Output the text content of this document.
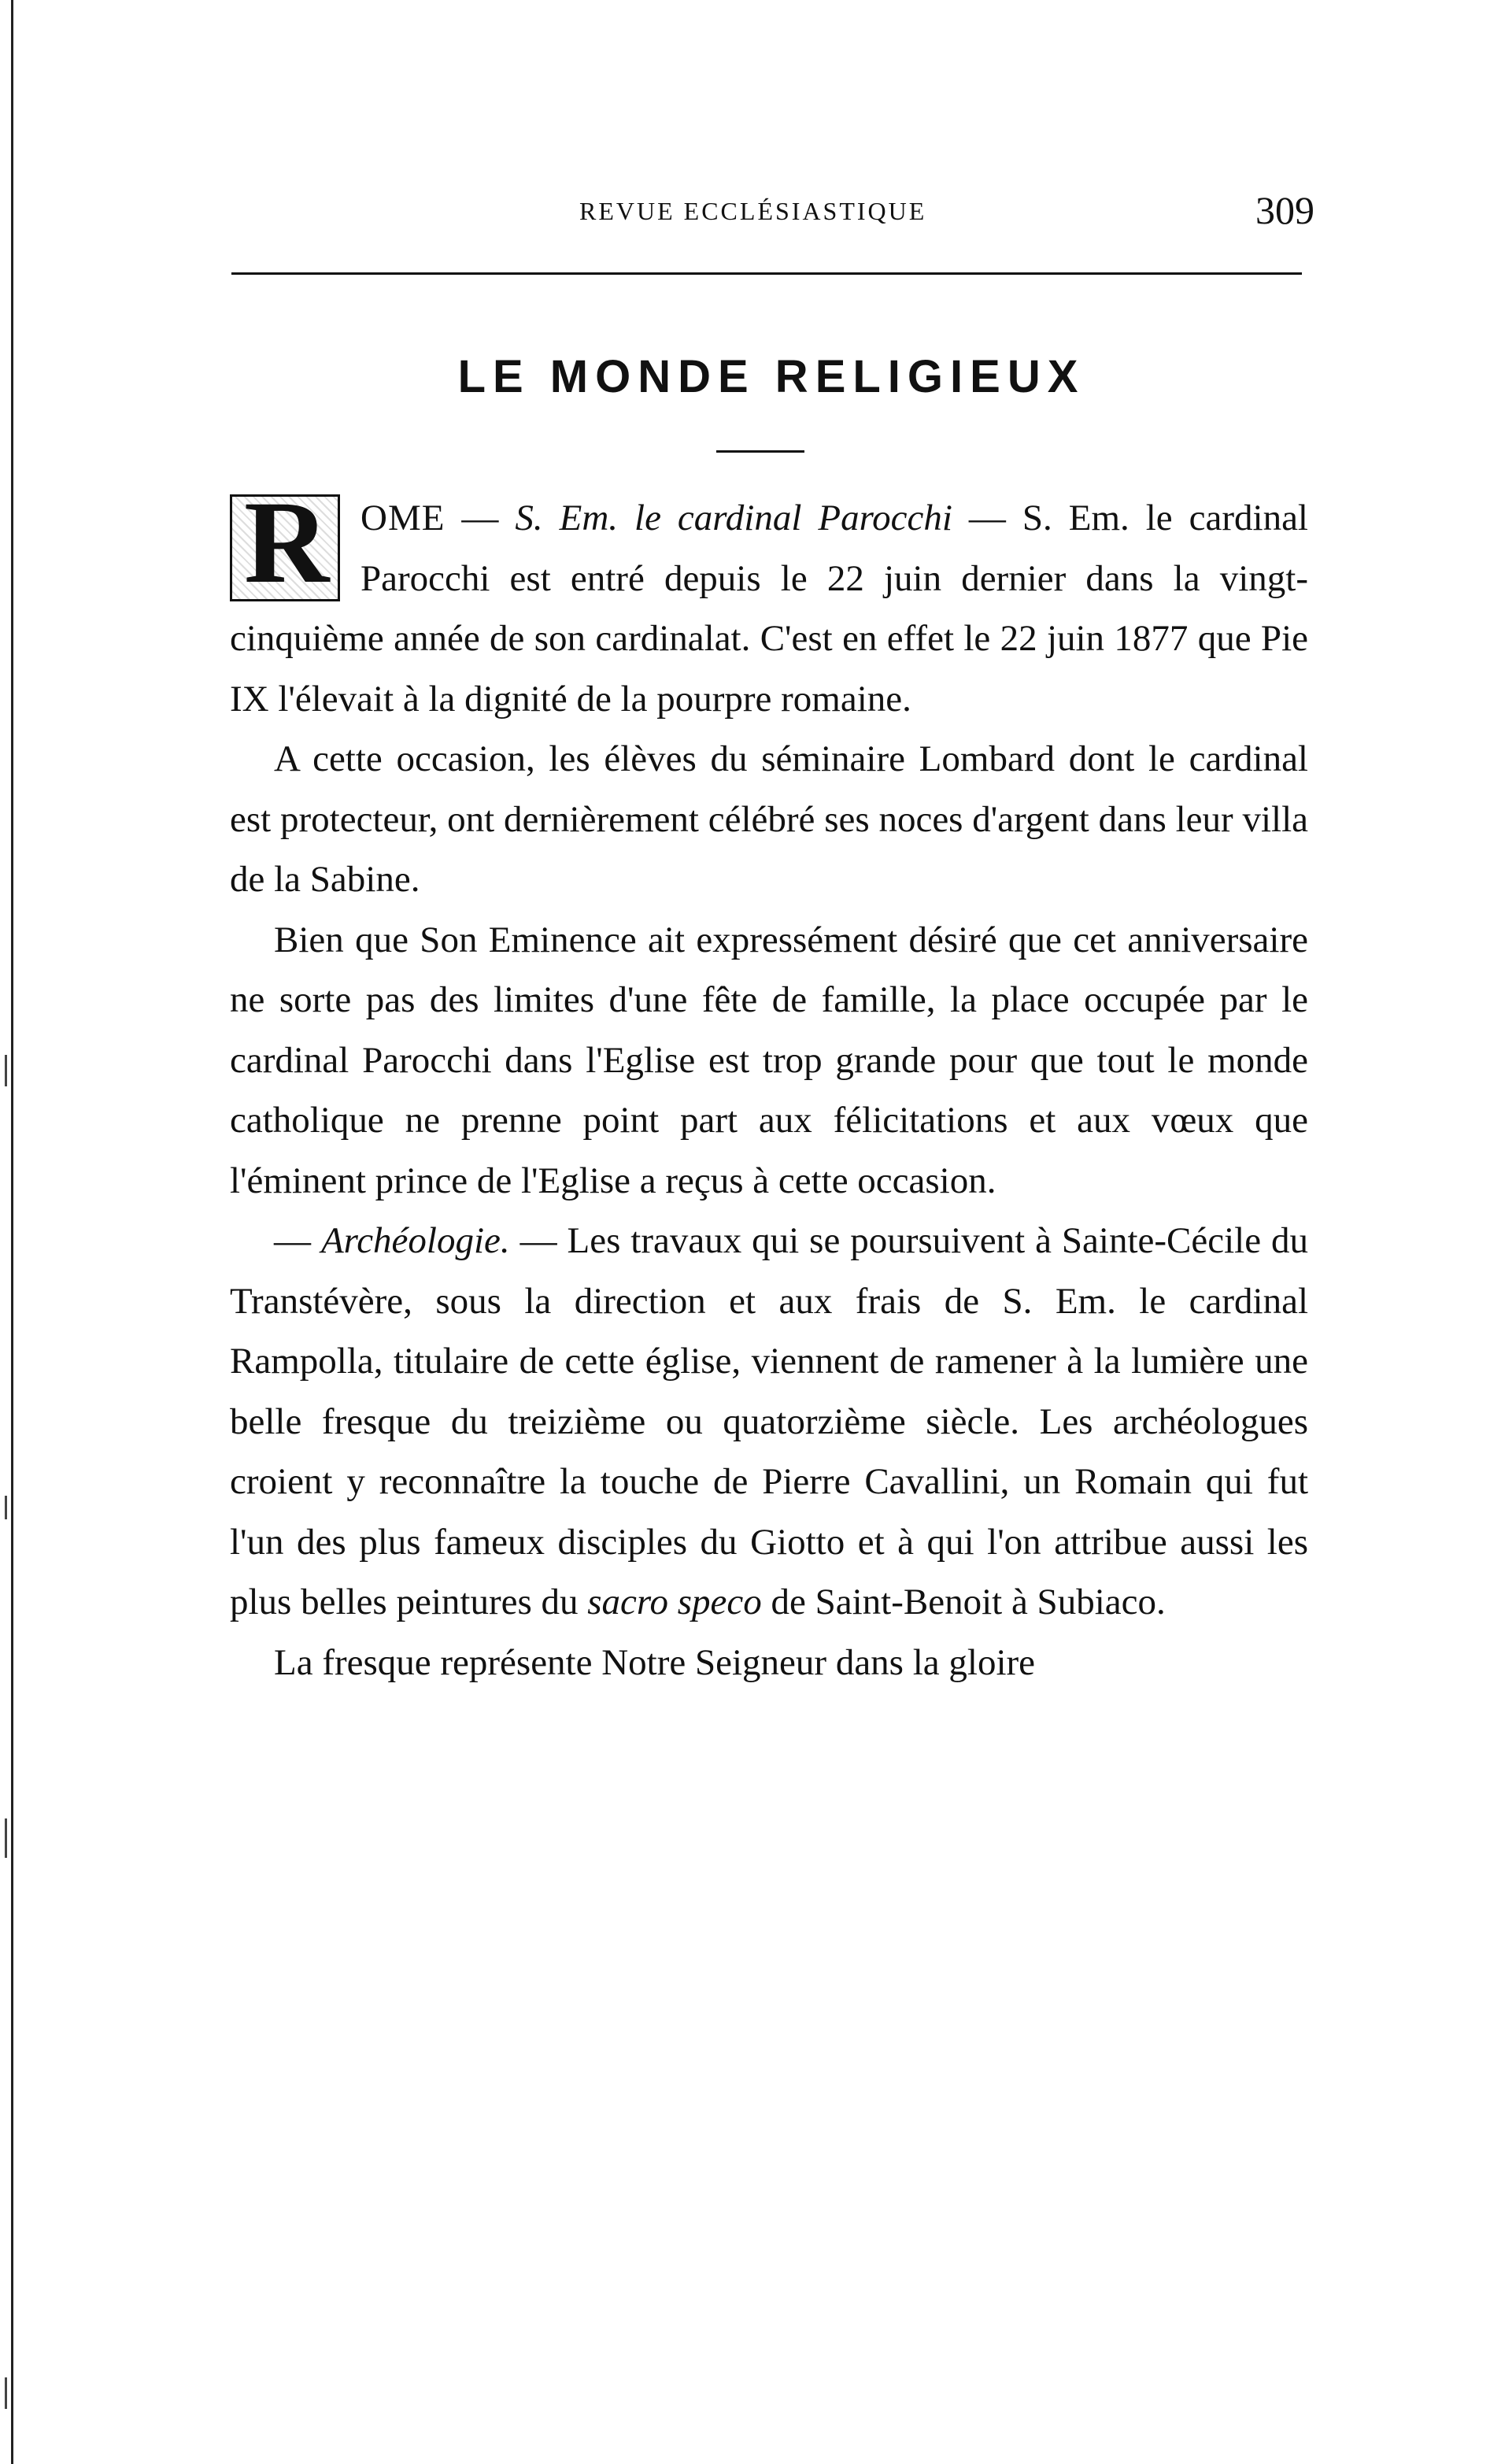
REVUE ECCLÉSIASTIQUE	309
LE MONDE RELIGIEUX

R OME — S. Em. le cardinal Parocchi — S. Em. le cardinal Parocchi est entré depuis le 22 juin dernier dans la vingt-cinquième année de son cardinalat. C'est en effet le 22 juin 1877 que Pie IX l'élevait à la dignité de la pourpre romaine.

A cette occasion, les élèves du séminaire Lombard dont le cardinal est protecteur, ont dernièrement célébré ses noces d'argent dans leur villa de la Sabine.

Bien que Son Eminence ait expressément désiré que cet anniversaire ne sorte pas des limites d'une fête de famille, la place occupée par le cardinal Parocchi dans l'Eglise est trop grande pour que tout le monde catholique ne prenne point part aux félicitations et aux vœux que l'éminent prince de l'Eglise a reçus à cette occasion.

— Archéologie. — Les travaux qui se poursuivent à Sainte-Cécile du Transtévère, sous la direction et aux frais de S. Em. le cardinal Rampolla, titulaire de cette église, viennent de ramener à la lumière une belle fresque du treizième ou quatorzième siècle. Les archéologues croient y reconnaître la touche de Pierre Cavallini, un Romain qui fut l'un des plus fameux disciples du Giotto et à qui l'on attribue aussi les plus belles peintures du sacro speco de Saint-Benoit à Subiaco.

La fresque représente Notre Seigneur dans la gloire
